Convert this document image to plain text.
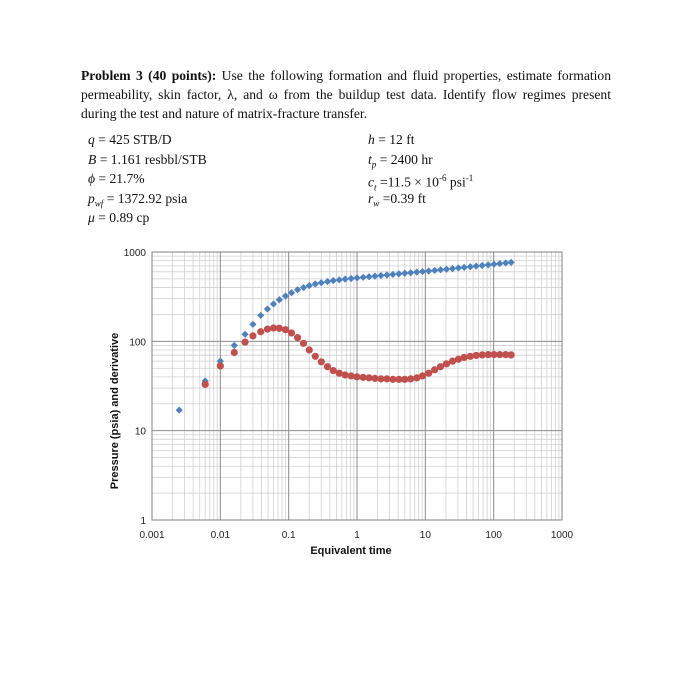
Problem 3 (40 points): Use the following formation and fluid properties, estimate formation permeability, skin factor, λ, and ω from the buildup test data. Identify flow regimes present during the test and nature of matrix-fracture transfer.
q = 425 STB/D
B = 1.161 resbbl/STB
ϕ = 21.7%
$p_{wf} = 1372.92$ psia
μ = 0.89 cp
h = 12 ft
$t_p = 2400$ hr
$c_t =11.5 \times 10^{-6}$ psi$^{-1}$
$r_w =0.39$ ft
0.001	0.01	0.1	1	10	100	1000
1
10
100
1000
Equivalent time
Pressure (psia) and derivative
